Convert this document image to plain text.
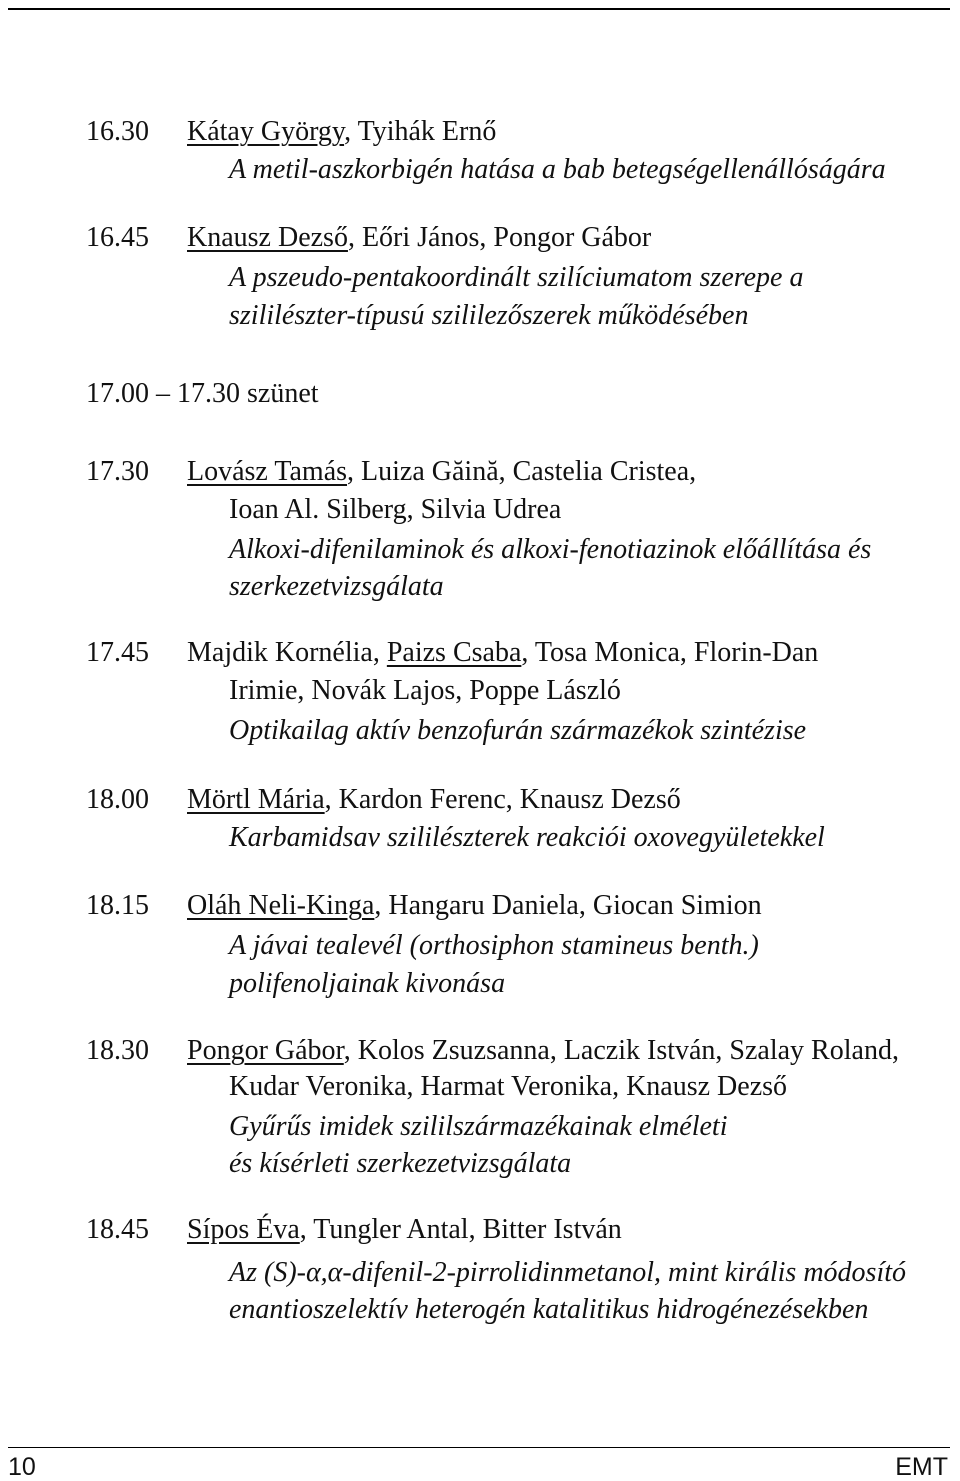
16.30 Kátay György, Tyihák Ernő
A metil-aszkorbigén hatása a bab betegségellenállóságára
16.45 Knausz Dezső, Eőri János, Pongor Gábor
A pszeudo-pentakoordinált szilíciumatom szerepe a
szililészter-típusú szililezőszerek működésében
17.00 – 17.30 szünet
17.30 Lovász Tamás, Luiza Găină, Castelia Cristea,
Ioan Al. Silberg, Silvia Udrea
Alkoxi-difenilaminok és alkoxi-fenotiazinok előállítása és
szerkezetvizsgálata
17.45 Majdik Kornélia, Paizs Csaba, Tosa Monica, Florin-Dan
Irimie, Novák Lajos, Poppe László
Optikailag aktív benzofurán származékok szintézise
18.00 Mörtl Mária, Kardon Ferenc, Knausz Dezső
Karbamidsav szililészterek reakciói oxovegyületekkel
18.15 Oláh Neli-Kinga, Hangaru Daniela, Giocan Simion
A jávai tealevél (orthosiphon stamineus benth.)
polifenoljainak kivonása
18.30 Pongor Gábor, Kolos Zsuzsanna, Laczik István, Szalay Roland,
Kudar Veronika, Harmat Veronika, Knausz Dezső
Gyűrűs imidek szililszármazékainak elméleti
és kísérleti szerkezetvizsgálata
18.45 Sípos Éva, Tungler Antal, Bitter István
Az (S)-α,α-difenil-2-pirrolidinmetanol, mint királis módosító
enantioszelektív heterogén katalitikus hidrogénezésekben
10	EMT
